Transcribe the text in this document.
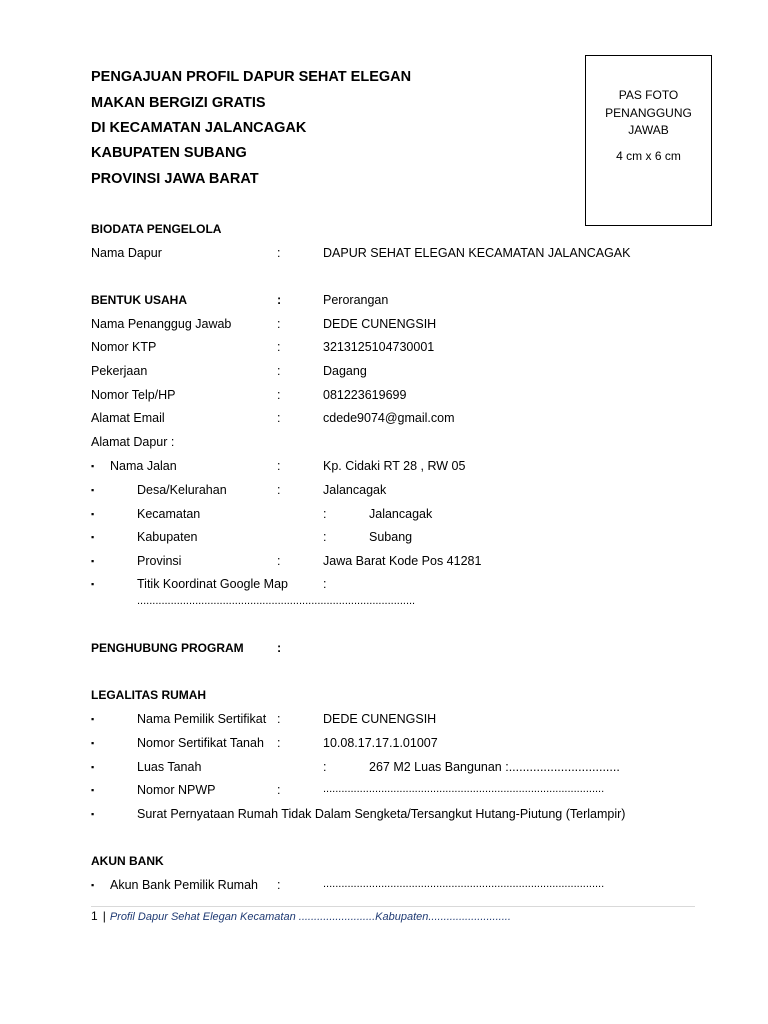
PENGAJUAN PROFIL DAPUR SEHAT ELEGAN
MAKAN BERGIZI GRATIS
DI KECAMATAN JALANCAGAK
KABUPATEN SUBANG
PROVINSI JAWA BARAT
PAS FOTO
PENANGGUNG
JAWAB
4 cm x 6 cm
BIODATA PENGELOLA
Nama Dapur	:	DAPUR SEHAT ELEGAN KECAMATAN JALANCAGAK
BENTUK USAHA	:	Perorangan
Nama Penanggug Jawab	:	DEDE CUNENGSIH
Nomor KTP	:	3213125104730001
Pekerjaan	:	Dagang
Nomor Telp/HP	:	081223619699
Alamat Email	:	cdede9074@gmail.com
Alamat Dapur :
▪ Nama Jalan	:	Kp. Cidaki RT 28 , RW 05
▪	Desa/Kelurahan	:	Jalancagak
▪	Kecamatan	:	Jalancagak
▪	Kabupaten	:	Subang
▪	Provinsi	:	Jawa Barat Kode Pos 41281
▪	Titik Koordinat Google Map	:
...........................................................................................
PENGHUBUNG PROGRAM	:
LEGALITAS RUMAH
▪	Nama Pemilik Sertifikat :	DEDE CUNENGSIH
▪	Nomor Sertifikat Tanah :	10.08.17.17.1.01007
▪	Luas Tanah	:	267 M2 Luas Bangunan :................................
▪	Nomor NPWP	:	............................................................................................
▪	Surat Pernyataan Rumah Tidak Dalam Sengketa/Tersangkut Hutang-Piutung (Terlampir)
AKUN BANK
▪ Akun Bank Pemilik Rumah :	............................................................................................
1 | Profil Dapur Sehat Elegan Kecamatan .........................Kabupaten...........................
